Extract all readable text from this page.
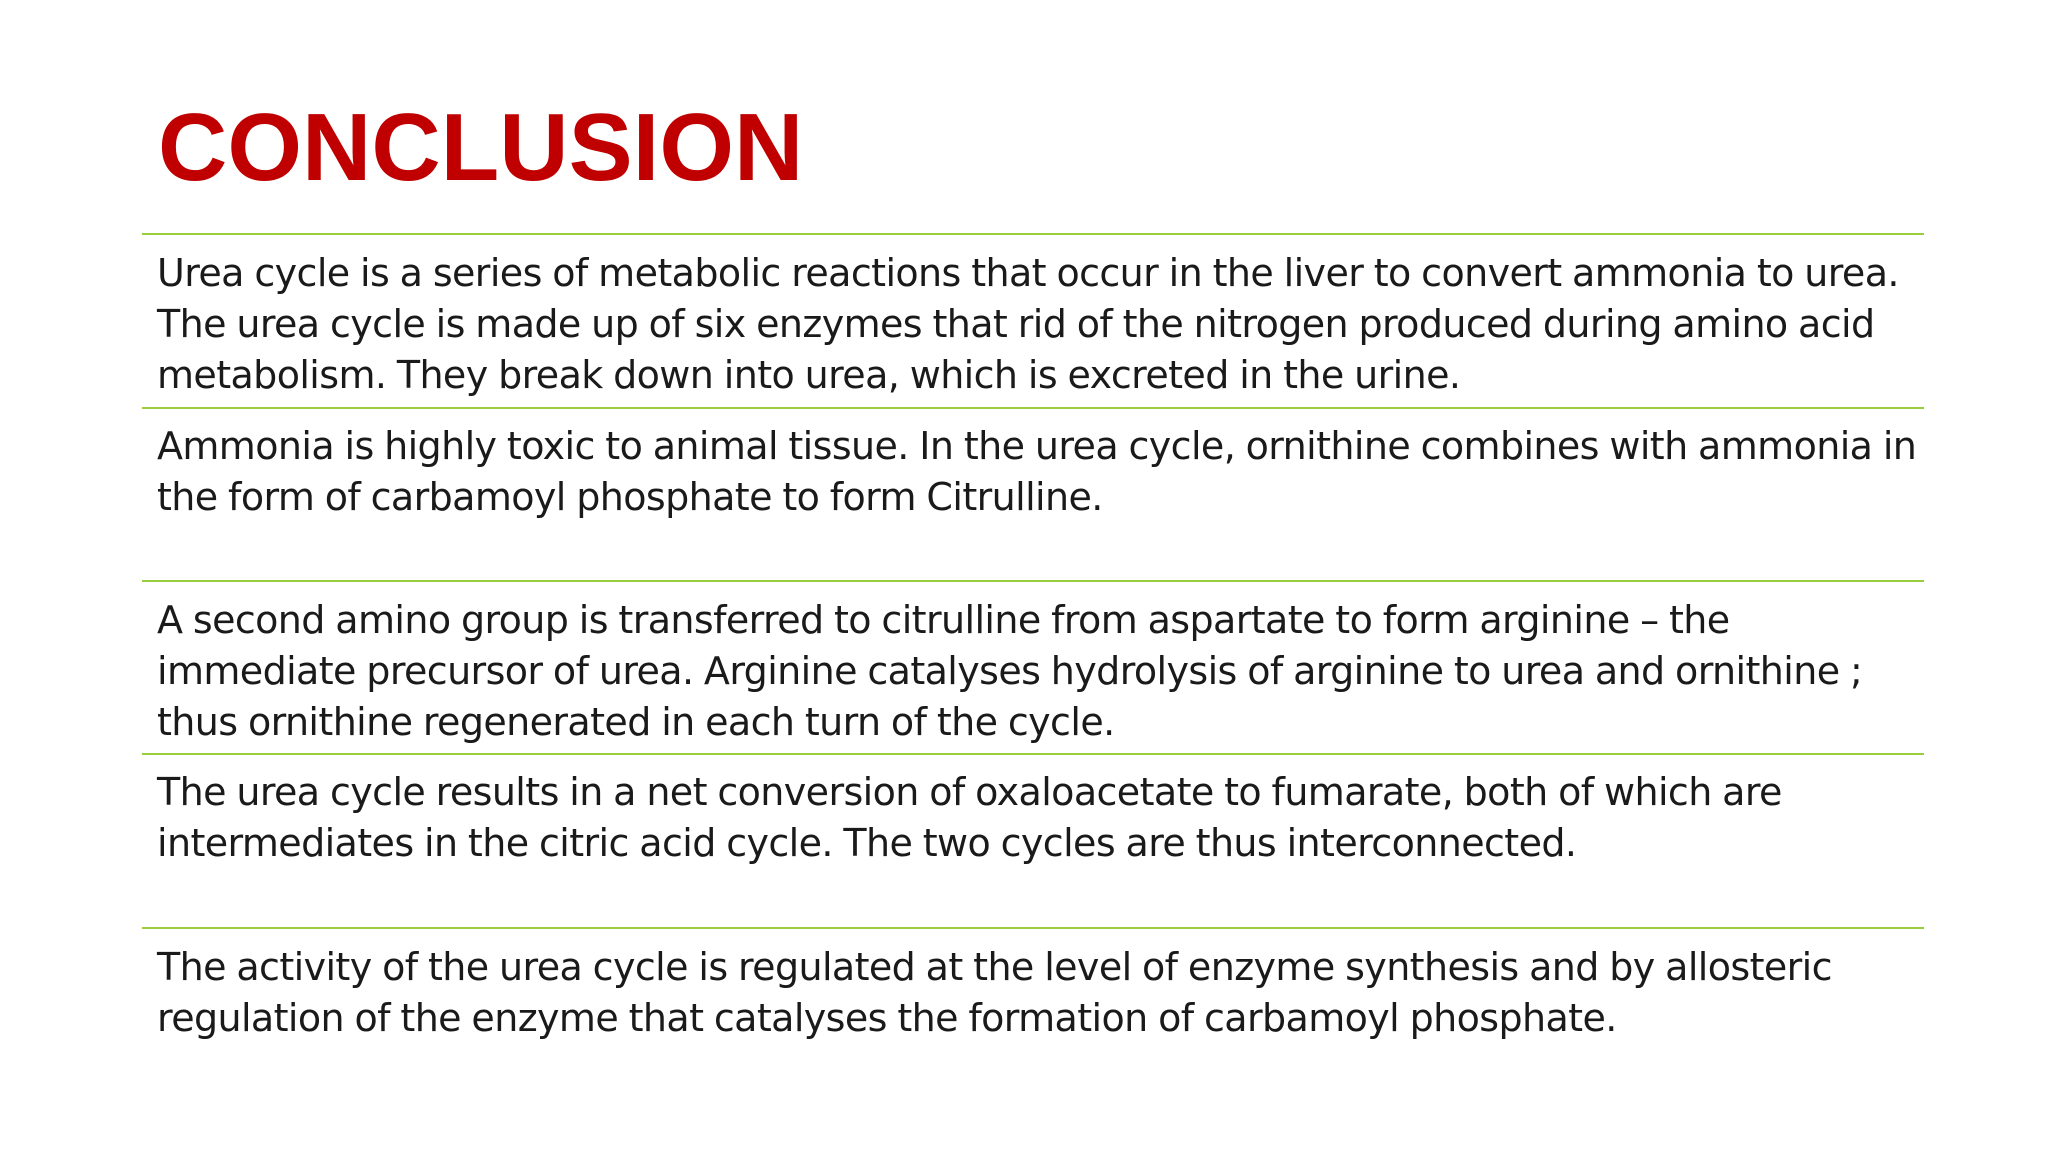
CONCLUSION

Urea cycle is a series of metabolic reactions that occur in the liver to convert ammonia to urea. The urea cycle is made up of six enzymes that rid of the nitrogen produced during amino acid metabolism. They break down into urea, which is excreted in the urine.

Ammonia is highly toxic to animal tissue. In the urea cycle, ornithine combines with ammonia in the form of carbamoyl phosphate to form Citrulline.

A second amino group is transferred to citrulline from aspartate to form arginine – the immediate precursor of urea. Arginine catalyses hydrolysis of arginine to urea and ornithine ; thus ornithine regenerated in each turn of the cycle.

The urea cycle results in a net conversion of oxaloacetate to fumarate, both of which are intermediates in the citric acid cycle. The two cycles are thus interconnected.

The activity of the urea cycle is regulated at the level of enzyme synthesis and by allosteric regulation of the enzyme that catalyses the formation of carbamoyl phosphate.
